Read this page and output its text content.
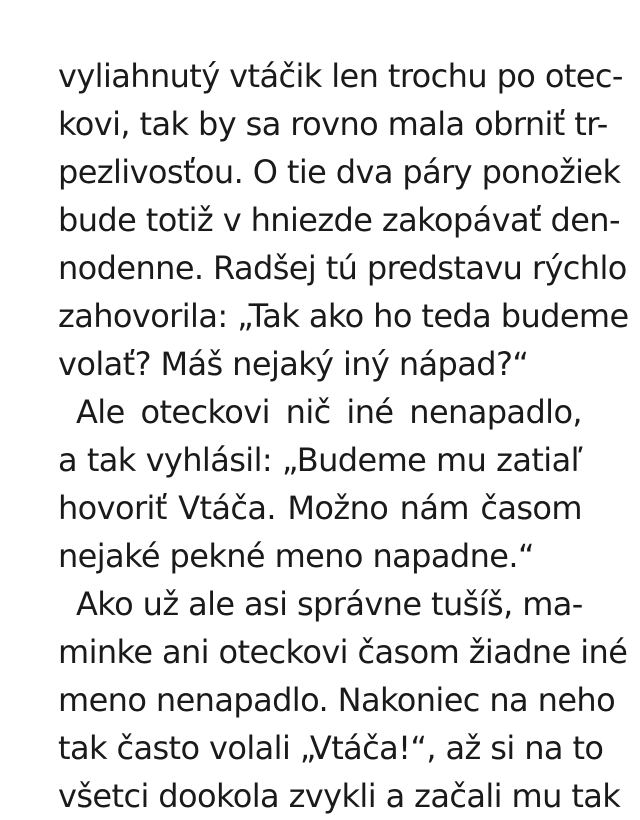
vyliahnutý vtáčik len trochu po otec-
kovi, tak by sa rovno mala obrniť tr-
pezlivosťou. O tie dva páry ponožiek
bude totiž v hniezde zakopávať den-
nodenne. Radšej tú predstavu rýchlo
zahovorila: „Tak ako ho teda budeme
volať? Máš nejaký iný nápad?“
Ale oteckovi nič iné nenapadlo,
a tak vyhlásil: „Budeme mu zatiaľ
hovoriť Vtáča. Možno nám časom
nejaké pekné meno napadne.“
Ako už ale asi správne tušíš, ma-
minke ani oteckovi časom žiadne iné
meno nenapadlo. Nakoniec na neho
tak často volali „Vtáča!“, až si na to
všetci dookola zvykli a začali mu tak
